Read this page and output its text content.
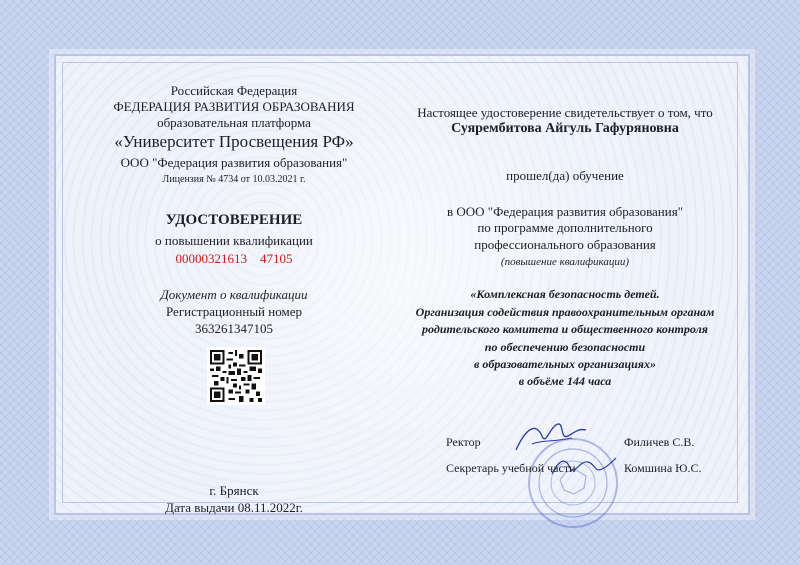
Российская Федерация
ФЕДЕРАЦИЯ РАЗВИТИЯ ОБРАЗОВАНИЯ
образовательная платформа
«Университет Просвещения РФ»
ООО "Федерация развития образования"
Лицензия № 4734 от 10.03.2021 г.
УДОСТОВЕРЕНИЕ
о повышении квалификации
00000321613 47105
Документ о квалификации
Регистрационный номер
363261347105
г. Брянск
Дата выдачи 08.11.2022г.
Настоящее удостоверение свидетельствует о том, что
Суярембитова Айгуль Гафуряновна
прошел(да) обучение
в ООО "Федерация развития образования"
по программе дополнительного
профессионального образования
(повышение квалификации)
«Комплексная безопасность детей.
Организация содействия правоохранительным органам
родительского комитета и общественного контроля
по обеспечению безопасности
в образовательных организациях»
в объёме 144 часа
Ректор	Филичев С.В.
Секретарь учебной части	Комшина Ю.С.
